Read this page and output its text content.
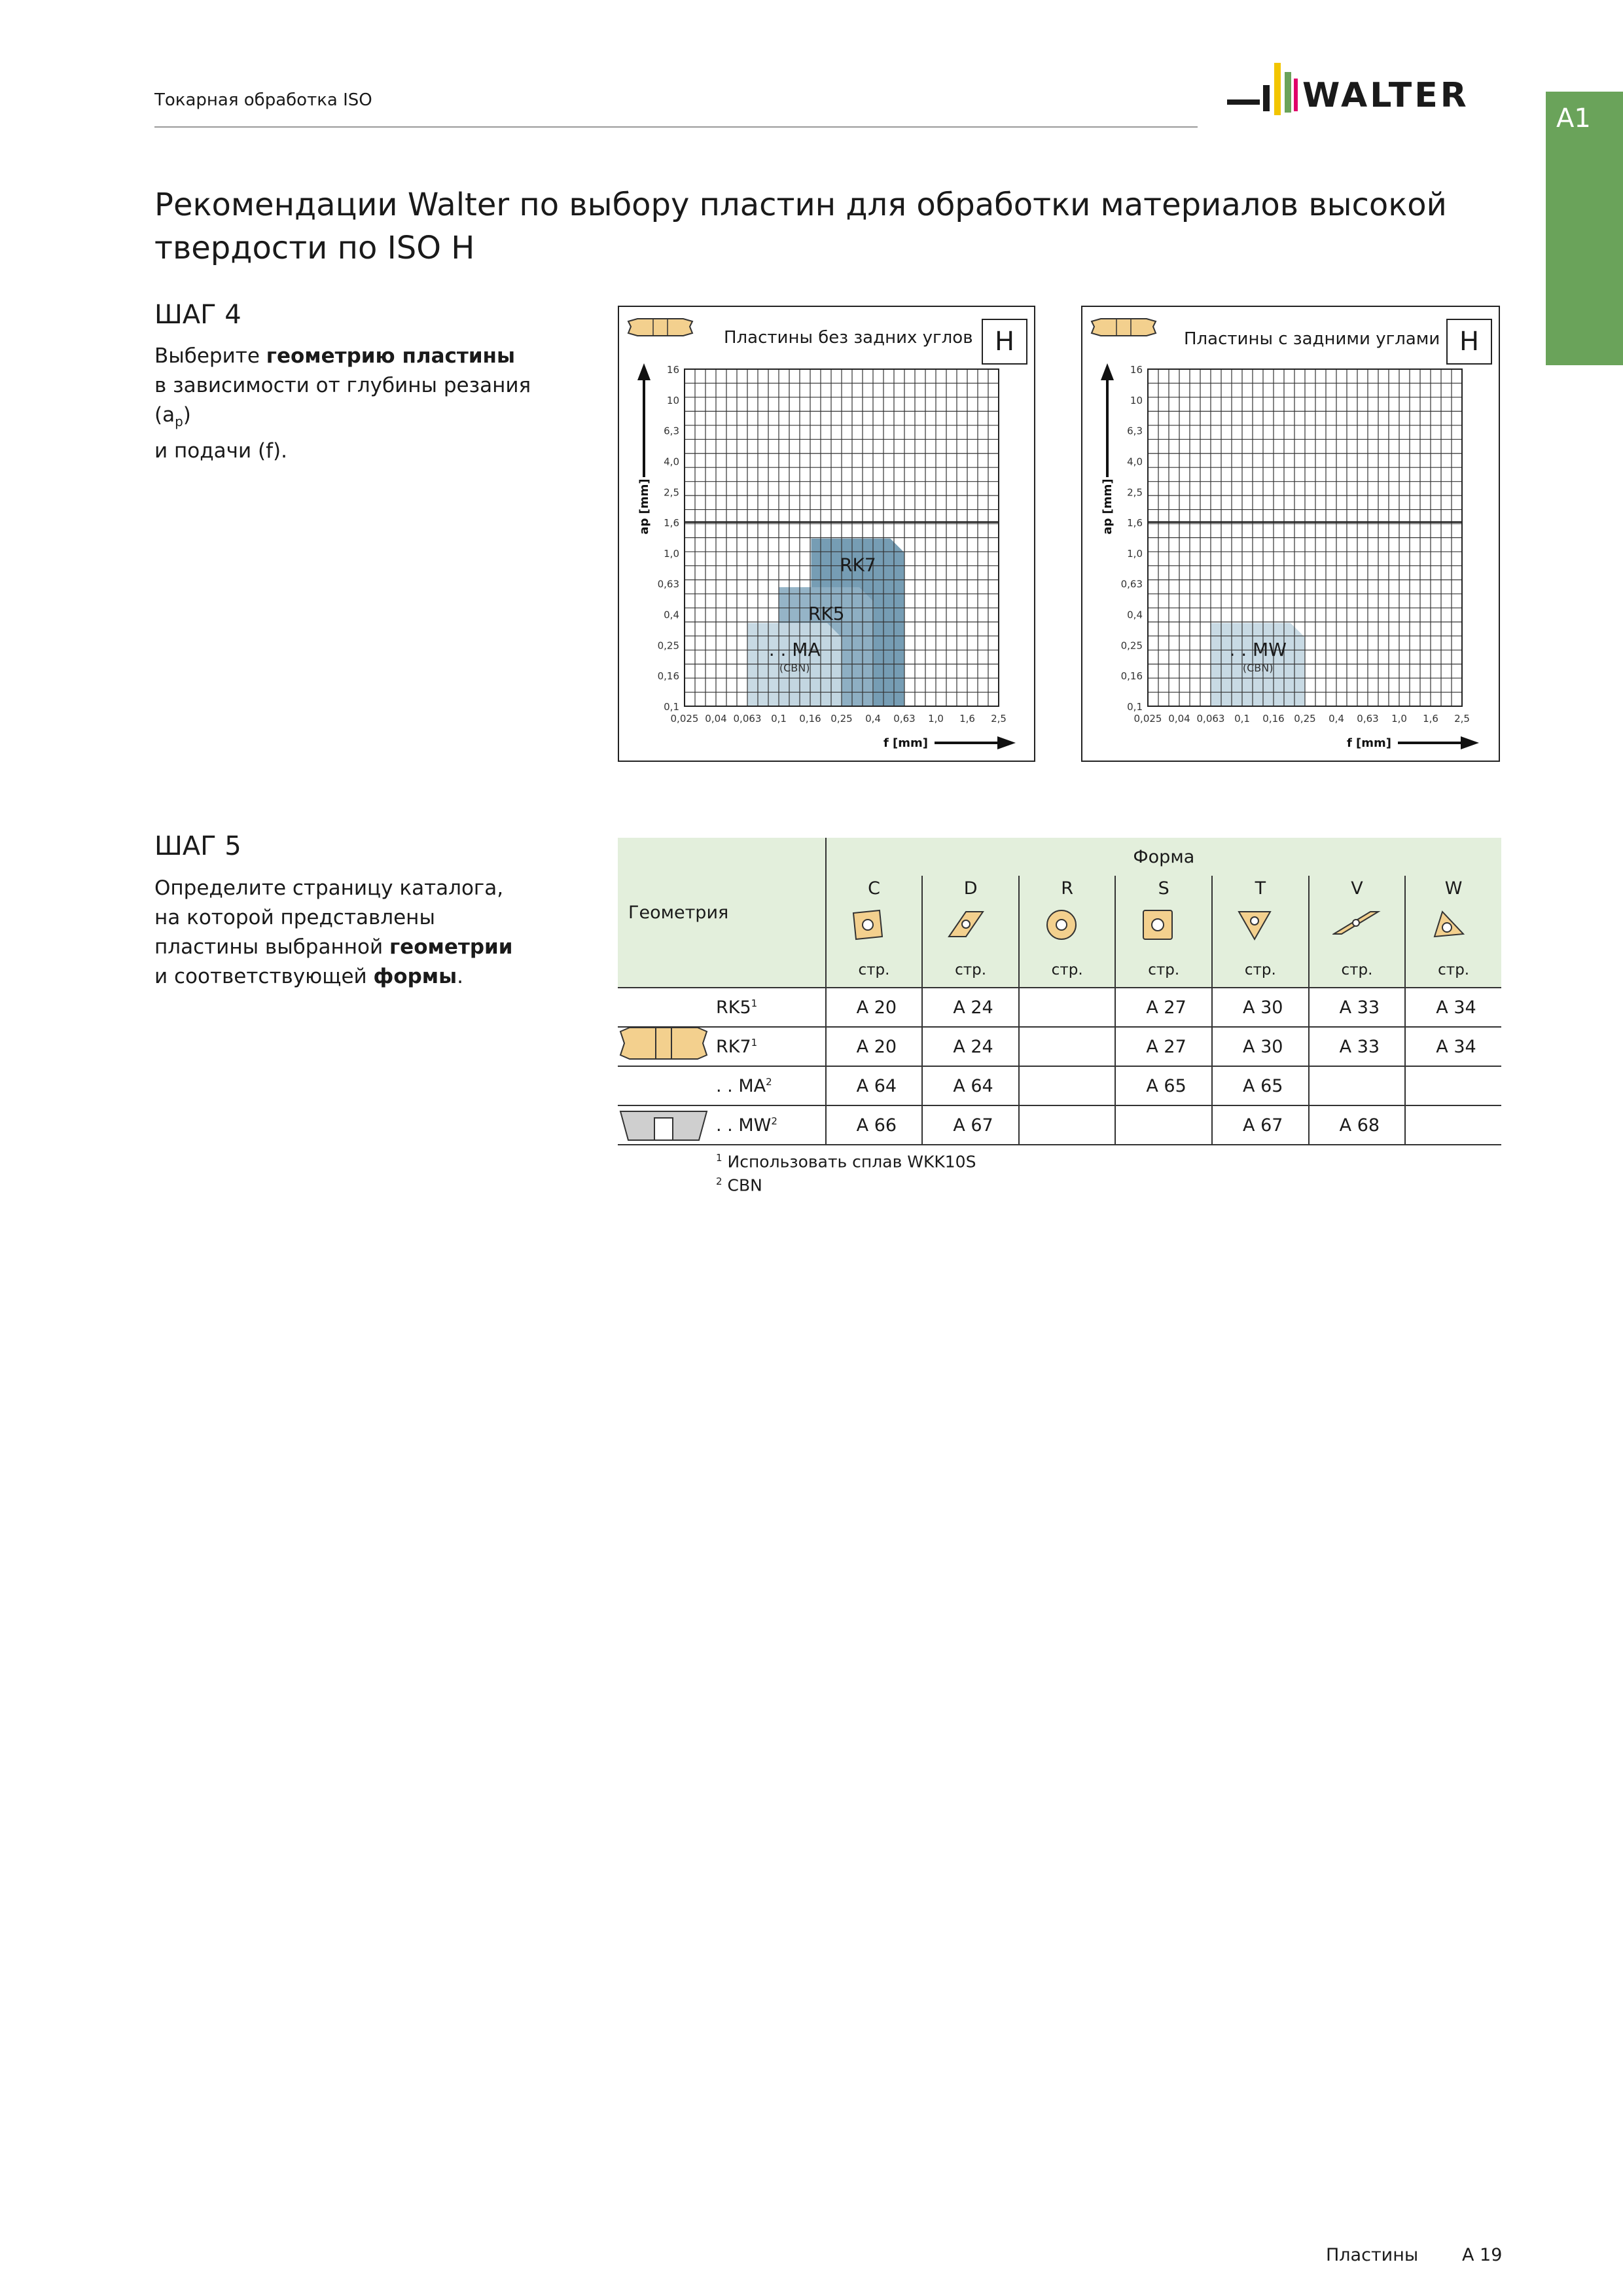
Токарная обработка ISO	WALTER
A1
Рекомендации Walter по выбору пластин для обработки материалов высокой твердости по ISO H
ШАГ 4
Выберите геометрию пластины
в зависимости от глубины резания $(a_p)$
и подачи (f).
RK7
RK5
. . MA
(CBN)
16
10
6,3
4,0
2,5
1,6
1,0
0,63
0,4
0,25
0,16
0,1
0,025 0,04 0,063 0,1 0,16 0,25 0,4 0,63 1,0 1,6 2,5
ap [mm]
f [mm]
Пластины без задних углов H
. . MW
(CBN)
16
10
6,3
4,0
2,5
1,6
1,0
0,63
0,4
0,25
0,16
0,1
0,025 0,04 0,063 0,1 0,16 0,25 0,4 0,63 1,0 1,6 2,5
ap [mm]
f [mm]
Пластины с задними углами H
ШАГ 5
Определите страницу каталога,
на которой представлены
пластины выбранной геометрии
и соответствующей формы.
Геометрия	Форма						

	C	D	R	S	T	V	W

	стр.	стр.	стр.	стр.	стр.	стр.	стр.

$RK5^1$	A 20	A 24		A 27	A 30	A 33	A 34

$RK7^1$	A 20	A 24		A 27	A 30	A 33	A 34

. . $MA^2$	A 64	A 64		A 65	A 65		

. . $MW^2$	A 66	A 67			A 67	A 68	
$^1$ Использовать сплав WKK10S
$^2$ CBN
Пластины A 19
